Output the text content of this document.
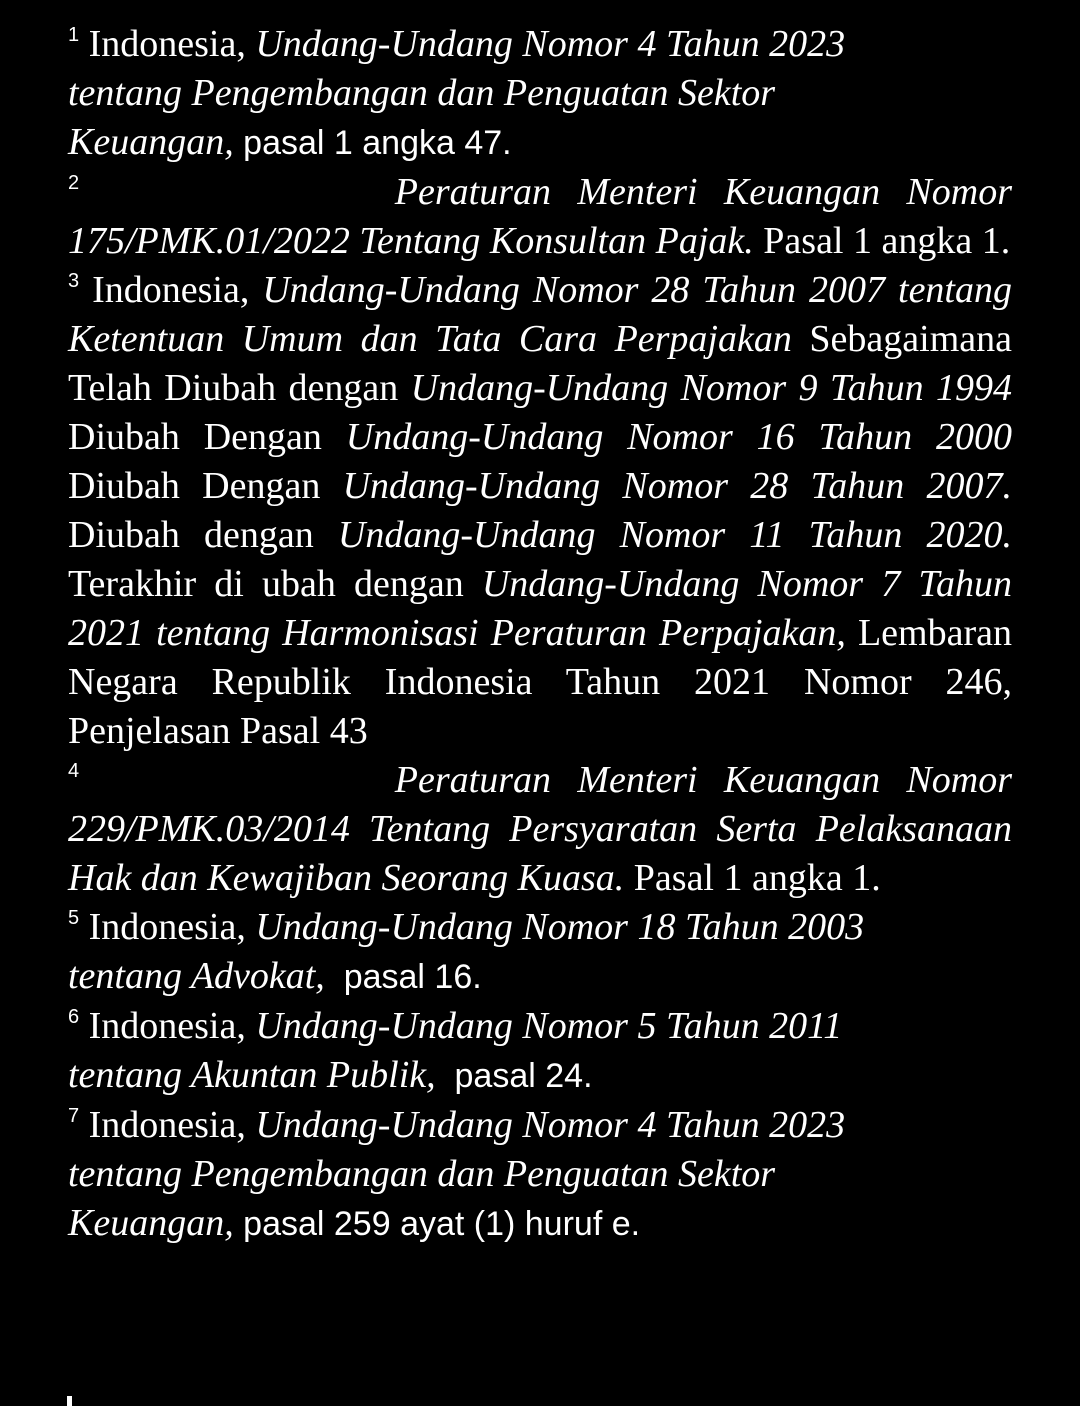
$^1$ Indonesia, Undang-Undang Nomor 4 Tahun 2023 tentang Pengembangan dan Penguatan Sektor Keuangan, pasal 1 angka 47.

$^2$	Peraturan Menteri Keuangan Nomor 175/PMK.01/2022 Tentang Konsultan Pajak. Pasal 1 angka 1.

$^3$ Indonesia, Undang-Undang Nomor 28 Tahun 2007 tentang Ketentuan Umum dan Tata Cara Perpajakan Sebagaimana Telah Diubah dengan Undang-Undang Nomor 9 Tahun 1994 Diubah Dengan Undang-Undang Nomor 16 Tahun 2000 Diubah Dengan Undang-Undang Nomor 28 Tahun 2007. Diubah dengan Undang-Undang Nomor 11 Tahun 2020. Terakhir di ubah dengan Undang-Undang Nomor 7 Tahun 2021 tentang Harmonisasi Peraturan Perpajakan, Lembaran Negara Republik Indonesia Tahun 2021 Nomor 246, Penjelasan Pasal 43

$^4$	Peraturan Menteri Keuangan Nomor 229/PMK.03/2014 Tentang Persyaratan Serta Pelaksanaan Hak dan Kewajiban Seorang Kuasa. Pasal 1 angka 1.

$^5$ Indonesia, Undang-Undang Nomor 18 Tahun 2003 tentang Advokat,  pasal 16.

$^6$ Indonesia, Undang-Undang Nomor 5 Tahun 2011 tentang Akuntan Publik,  pasal 24.

$^7$ Indonesia, Undang-Undang Nomor 4 Tahun 2023 tentang Pengembangan dan Penguatan Sektor Keuangan, pasal 259 ayat (1) huruf e.
